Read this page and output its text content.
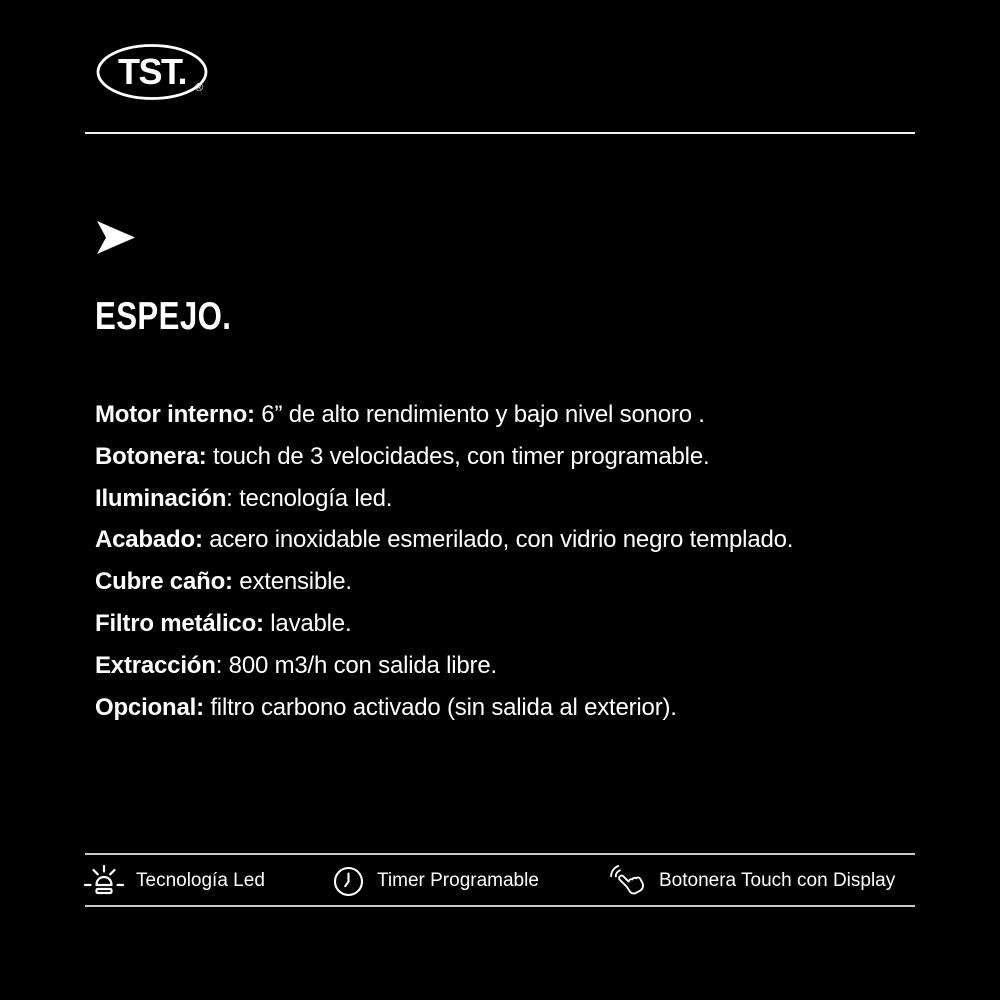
TST. ®
ESPEJO.
Motor interno: 6” de alto rendimiento y bajo nivel sonoro .
Botonera: touch de 3 velocidades, con timer programable.
Iluminación: tecnología led.
Acabado: acero inoxidable esmerilado, con vidrio negro templado.
Cubre caño: extensible.
Filtro metálico: lavable.
Extracción: 800 m3/h con salida libre.
Opcional: filtro carbono activado (sin salida al exterior).
Tecnología Led	Timer Programable	Botonera Touch con Display
